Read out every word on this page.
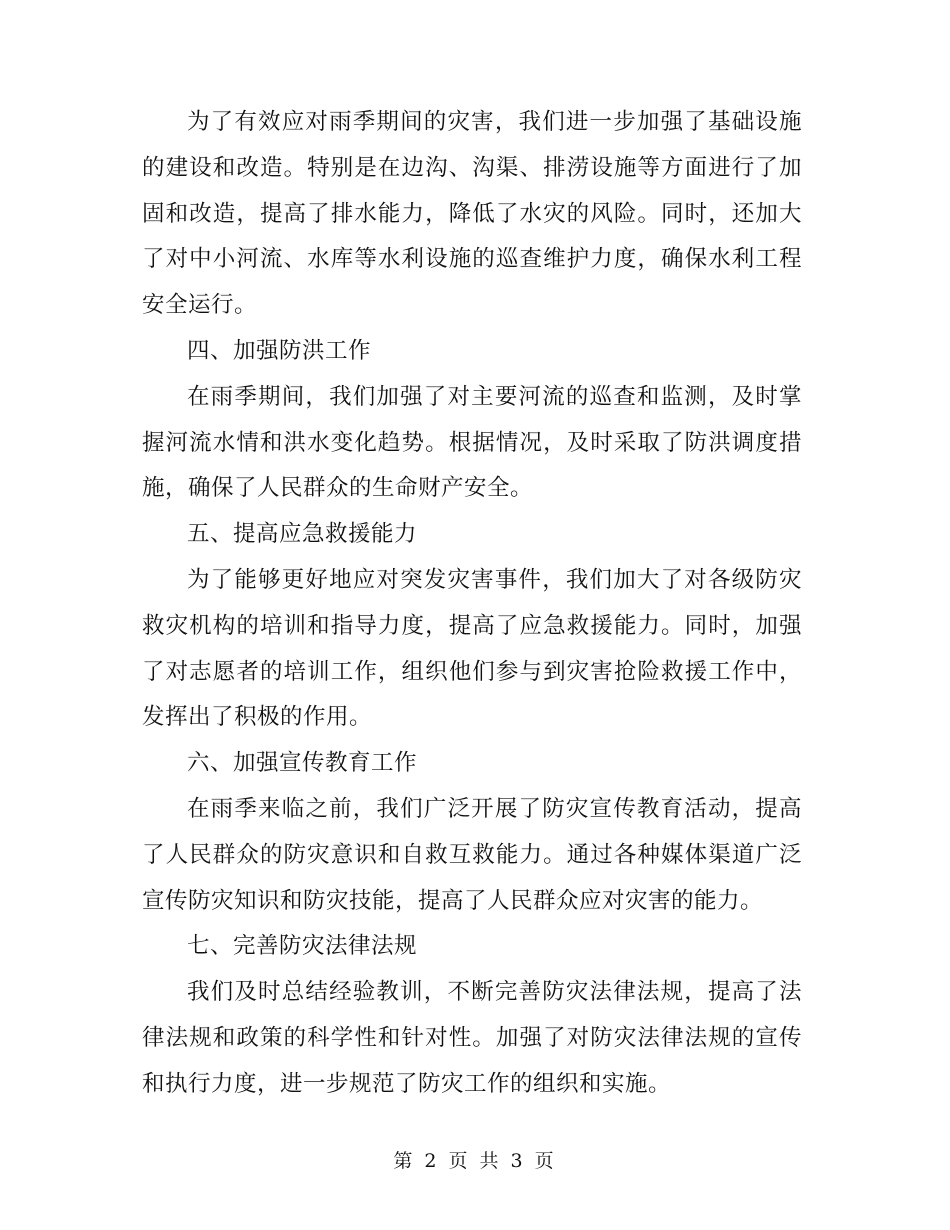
为了有效应对雨季期间的灾害，我们进一步加强了基础设施的建设和改造。特别是在边沟、沟渠、排涝设施等方面进行了加固和改造，提高了排水能力，降低了水灾的风险。同时，还加大了对中小河流、水库等水利设施的巡查维护力度，确保水利工程安全运行。

四、加强防洪工作

在雨季期间，我们加强了对主要河流的巡查和监测，及时掌握河流水情和洪水变化趋势。根据情况，及时采取了防洪调度措施，确保了人民群众的生命财产安全。

五、提高应急救援能力

为了能够更好地应对突发灾害事件，我们加大了对各级防灾救灾机构的培训和指导力度，提高了应急救援能力。同时，加强了对志愿者的培训工作，组织他们参与到灾害抢险救援工作中，发挥出了积极的作用。

六、加强宣传教育工作

在雨季来临之前，我们广泛开展了防灾宣传教育活动，提高了人民群众的防灾意识和自救互救能力。通过各种媒体渠道广泛宣传防灾知识和防灾技能，提高了人民群众应对灾害的能力。

七、完善防灾法律法规

我们及时总结经验教训，不断完善防灾法律法规，提高了法律法规和政策的科学性和针对性。加强了对防灾法律法规的宣传和执行力度，进一步规范了防灾工作的组织和实施。

第 2 页 共 3 页
